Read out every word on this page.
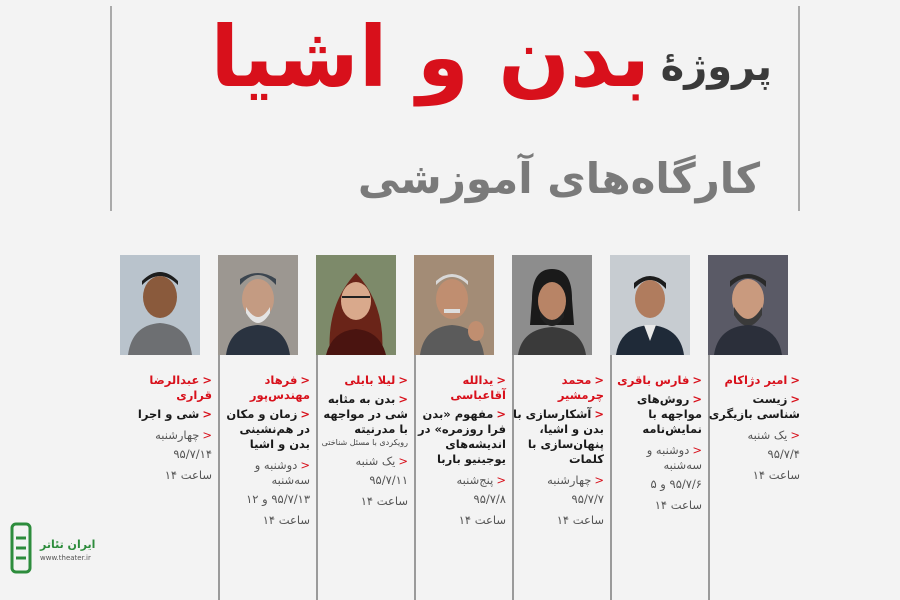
پروژۀ
بدن و اشیا
کارگاه‌های آموزشی
<عبدالرضا قراری
<شی و اجرا
<چهارشنبه
۹۵/۷/۱۴
ساعت ۱۴
<فرهاد مهندس‌پور
<زمان و مکان در هم‌نشینی بدن و اشیا
<دوشنبه و سه‌شنبه
۹۵/۷/۱۳ و ۱۲
ساعت ۱۴
<لیلا بابلی
<بدن به مثابه شی در مواجهه با مدرنیته
رویکردی با مسئل شناختی
<یک شنبه
۹۵/۷/۱۱
ساعت ۱۴
<یدالله آقاعباسی
<مفهوم «بدن فرا روزمره» در اندیشه‌های یوجینیو باربا
<پنج‌شنبه
۹۵/۷/۸
ساعت ۱۴
<محمد چرمشیر
<آشکارسازی با بدن و اشیا، پنهان‌سازی با کلمات
<چهارشنبه
۹۵/۷/۷
ساعت ۱۴
<فارس باقری
<روش‌های مواجهه با نمایش‌نامه
<دوشنبه و سه‌شنبه
۹۵/۷/۶ و ۵
ساعت ۱۴
<امیر دژاکام
<زیست شناسی بازیگری
<یک شنبه
۹۵/۷/۴
ساعت ۱۴
ایران تئاتر
www.theater.ir
